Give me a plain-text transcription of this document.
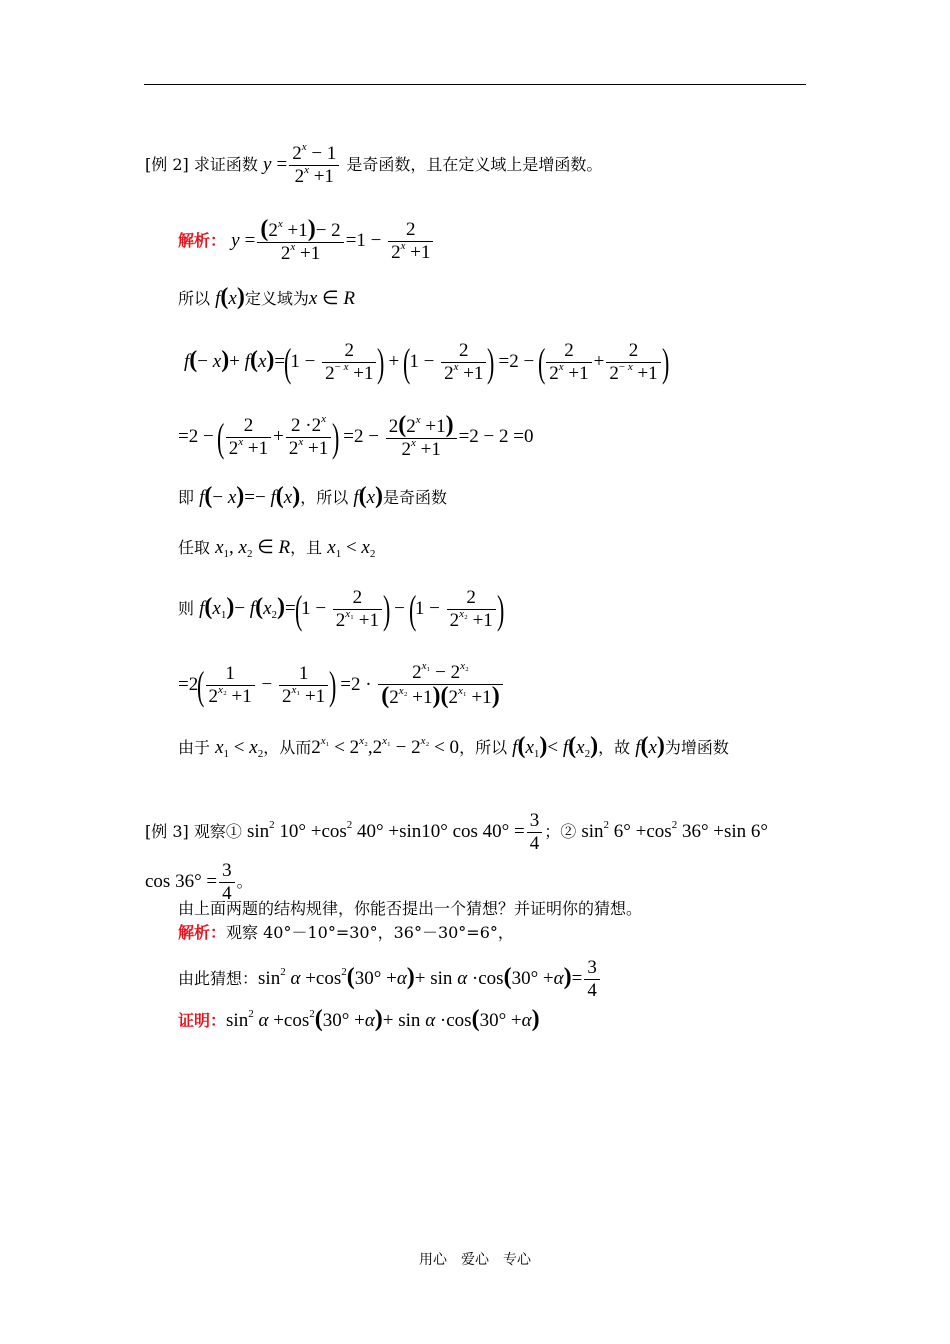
[例 2] 求证函数 $y = \frac{2^x - 1}{2^x +1}$ 是奇函数，且在定义域上是增函数。
解析： $y = \frac{(2^x +1)- 2}{2^x +1} =1 - \frac{2}{2^x +1}$
所以 f(x)定义域为x ∈ R
$f(- x)+ f(x)=(1 - \frac{2}{2^{- x} +1}$ ) + ($1 - \frac{2}{2^x +1}$ ) =2 − ( $\frac{2}{2^x +1} + \frac{2}{2^{- x} +1}$ )
=2 − ( $\frac{2}{2^x +1} + \frac{2 \cdot 2^x}{2^x +1}$ ) $=2 - \frac{2(2^x +1)}{2^x +1} =2 - 2 =0$
即 f(− x)=− f(x)，所以 f(x)是奇函数
任取 $x_1$, $x_2$ ∈ R，且 $x_1 < x_2$
则 $f(x_1)- f(x_2)=(1 - \frac{2}{2^{x_1} +1}$ ) − ($1 - \frac{2}{2^{x_2} +1}$ )
$=2( \frac{1}{2^{x_2} +1} - \frac{1}{2^{x_1} +1}$ ) $=2 \cdot \frac{2^{x_1} - 2^{x_2}}{(2^{x_2} +1)(2^{x_1} +1)}$
由于 $x_1 < x_2$，从而$2^{x_1} < 2^{x_2},2^{x_1} - 2^{x_2} < 0$，所以 $f(x_1)< f(x_2)$，故 f(x)为增函数
[例 3] 观察① $\sin^2 10^\circ +\cos^2$ 40° +sin10° $\cos 40^\circ = \frac{3}{4}$ ；② $\sin^2 6^\circ +\cos^2$ 36° +sin 6°
$\cos 36^\circ = \frac{3}{4}$ 。
由上面两题的结构规律，你能否提出一个猜想？并证明你的猜想。
解析：观察 40°－10°=30°，36°－30°=6°，
由此猜想：$\sin^2 \alpha +\cos^2(30^\circ +\alpha)+ \sin \alpha \cdot\cos(30^\circ +\alpha)= \frac{3}{4}$
证明：$\sin^2 \alpha +\cos^2(30^\circ +\alpha)+ \sin \alpha \cdot\cos(30^\circ +\alpha)$
用心　爱心　专心
